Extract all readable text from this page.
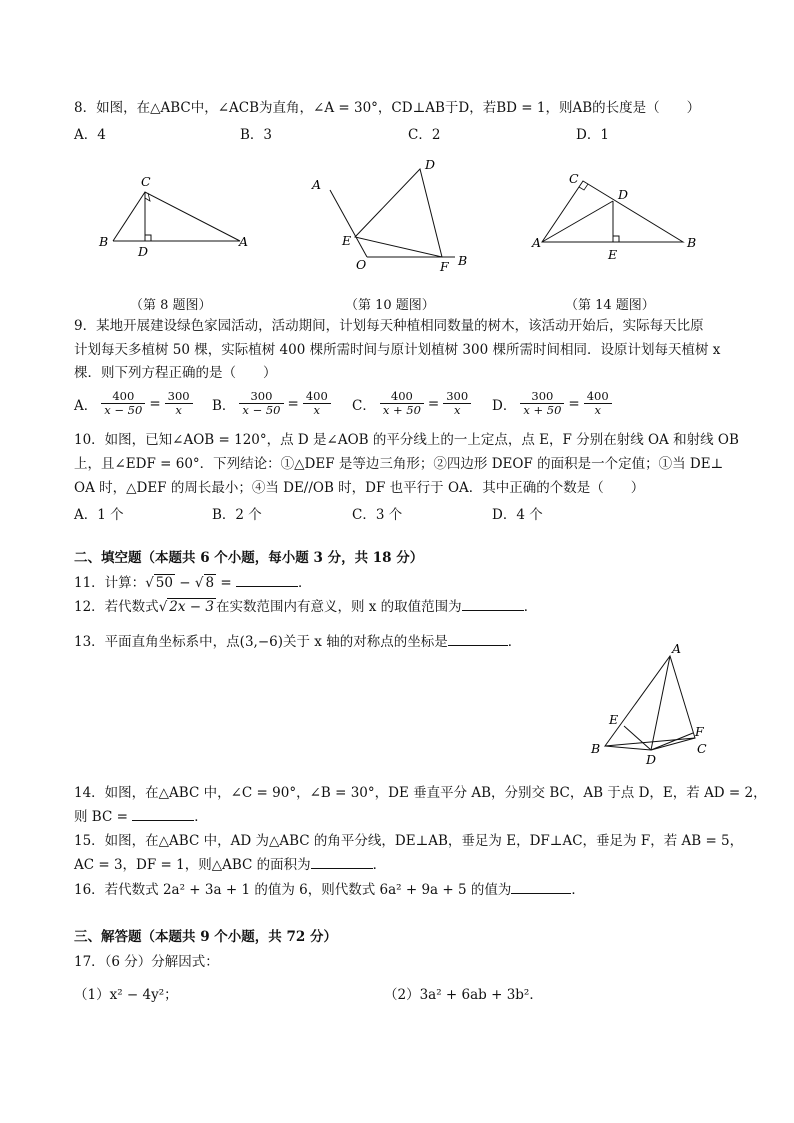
8．如图，在△ABC中，∠ACB为直角，∠A = 30°，CD⊥AB于D，若BD = 1，则AB的长度是（　　）
A．4	B．3	C．2	D．1
C
B
D
A
（第 8 题图）
A
D
E
O	F B
（第 10 题图）
C
D
A
E
B
（第 14 题图）
9．某地开展建设绿色家园活动，活动期间，计划每天种植相同数量的树木，该活动开始后，实际每天比原
计划每天多植树 50 棵，实际植树 400 棵所需时间与原计划植树 300 棵所需时间相同．设原计划每天植树 x
棵．则下列方程正确的是（　　）
A． $\frac{400}{x - 50} = \frac{300}{x}$ B． $\frac{300}{x - 50} = \frac{400}{x}$ C． $\frac{400}{x + 50} = \frac{300}{x}$ D． $\frac{300}{x + 50} = \frac{400}{x}$
10．如图，已知∠AOB = 120°，点 D 是∠AOB 的平分线上的一上定点，点 E，F 分别在射线 OA 和射线 OB
上，且∠EDF = 60°．下列结论：①△DEF 是等边三角形；②四边形 DEOF 的面积是一个定值；①当 DE⊥
OA 时，△DEF 的周长最小；④当 DE//OB 时，DF 也平行于 OA．其中正确的个数是（　　）
A．1 个	B．2 个	C．3 个	D．4 个
二、填空题（本题共 6 个小题，每小题 3 分，共 18 分）
11．计算：√ 50 − √ 8 =	．
12．若代数式√ 2x − 3 在实数范围内有意义，则 x 的取值范围为	．
13．平面直角坐标系中，点(3,−6)关于 x 轴的对称点的坐标是	．	A
E
F
B
D
C
14．如图，在△ABC 中，∠C = 90°，∠B = 30°，DE 垂直平分 AB，分别交 BC，AB 于点 D，E，若 AD = 2，
则 BC =	．
15．如图，在△ABC 中，AD 为△ABC 的角平分线，DE⊥AB，垂足为 E，DF⊥AC，垂足为 F，若 AB = 5，
AC = 3，DF = 1，则△ABC 的面积为	．
16．若代数式 2a² + 3a + 1 的值为 6，则代数式 6a² + 9a + 5 的值为	．
三、解答题（本题共 9 个小题，共 72 分）
17．（6 分）分解因式：
（1）x² − 4y²；	（2）3a² + 6ab + 3b²．
